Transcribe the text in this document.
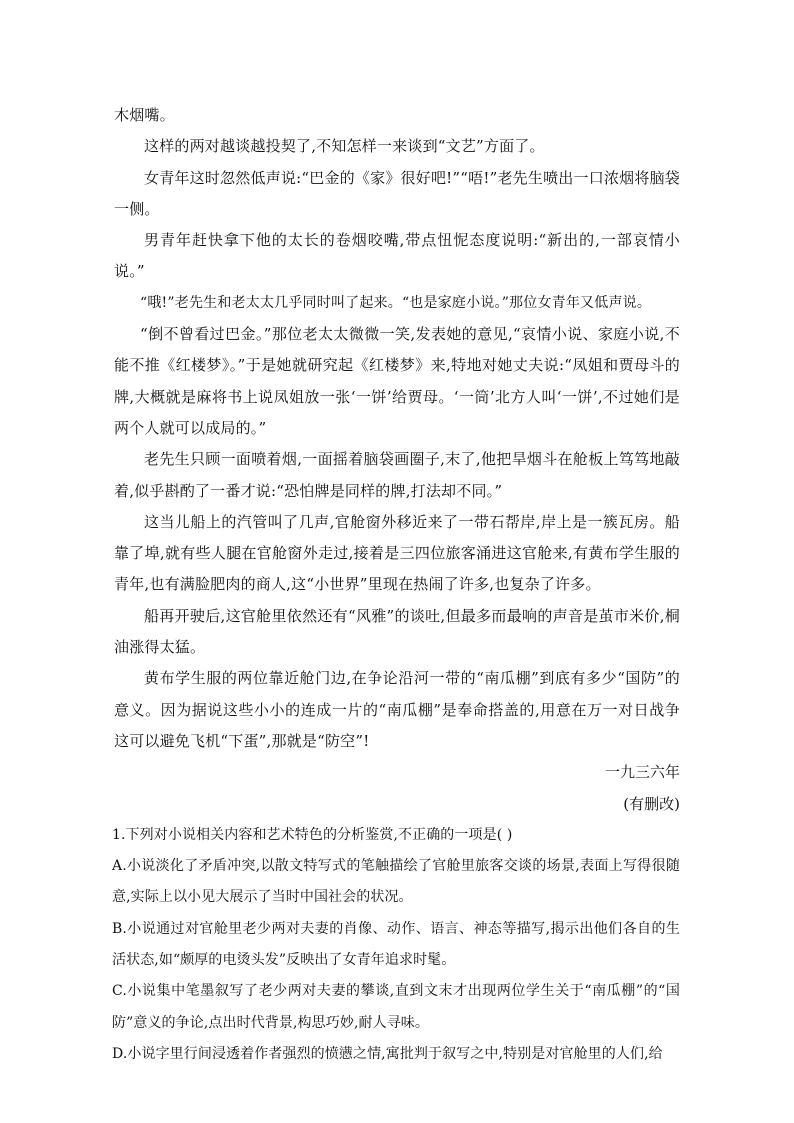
木烟嘴。

这样的两对越谈越投契了,不知怎样一来谈到“文艺”方面了。

女青年这时忽然低声说:“巴金的《家》很好吧!”“唔!”老先生喷出一口浓烟将脑袋一侧。

男青年赶快拿下他的太长的卷烟咬嘴,带点忸怩态度说明:“新出的,一部哀情小说。”

“哦!”老先生和老太太几乎同时叫了起来。“也是家庭小说。”那位女青年又低声说。

“倒不曾看过巴金。”那位老太太微微一笑,发表她的意见,“哀情小说、家庭小说,不能不推《红楼梦》。”于是她就研究起《红楼梦》来,特地对她丈夫说:“凤姐和贾母斗的牌,大概就是麻将书上说凤姐放一张‘一饼’给贾母。‘一筒’北方人叫‘一饼’,不过她们是两个人就可以成局的。”

老先生只顾一面喷着烟,一面摇着脑袋画圈子,末了,他把旱烟斗在舱板上笃笃地敲着,似乎斟酌了一番才说:“恐怕牌是同样的牌,打法却不同。”

这当儿船上的汽管叫了几声,官舱窗外移近来了一带石帮岸,岸上是一簇瓦房。船靠了埠,就有些人腿在官舱窗外走过,接着是三四位旅客涌进这官舱来,有黄布学生服的青年,也有满脸肥肉的商人,这“小世界”里现在热闹了许多,也复杂了许多。

船再开驶后,这官舱里依然还有“风雅”的谈吐,但最多而最响的声音是茧市米价,桐油涨得太猛。

黄布学生服的两位靠近舱门边,在争论沿河一带的“南瓜棚”到底有多少“国防”的意义。因为据说这些小小的连成一片的“南瓜棚”是奉命搭盖的,用意在万一对日战争这可以避免飞机“下蛋”,那就是“防空”!

一九三六年

(有删改)

1.下列对小说相关内容和艺术特色的分析鉴赏,不正确的一项是( )

A.小说淡化了矛盾冲突,以散文特写式的笔触描绘了官舱里旅客交谈的场景,表面上写得很随意,实际上以小见大展示了当时中国社会的状况。

B.小说通过对官舱里老少两对夫妻的肖像、动作、语言、神态等描写,揭示出他们各自的生活状态,如“颇厚的电烫头发”反映出了女青年追求时髦。

C.小说集中笔墨叙写了老少两对夫妻的攀谈,直到文末才出现两位学生关于“南瓜棚”的“国防”意义的争论,点出时代背景,构思巧妙,耐人寻味。

D.小说字里行间浸透着作者强烈的愤懑之情,寓批判于叙写之中,特别是对官舱里的人们,给
